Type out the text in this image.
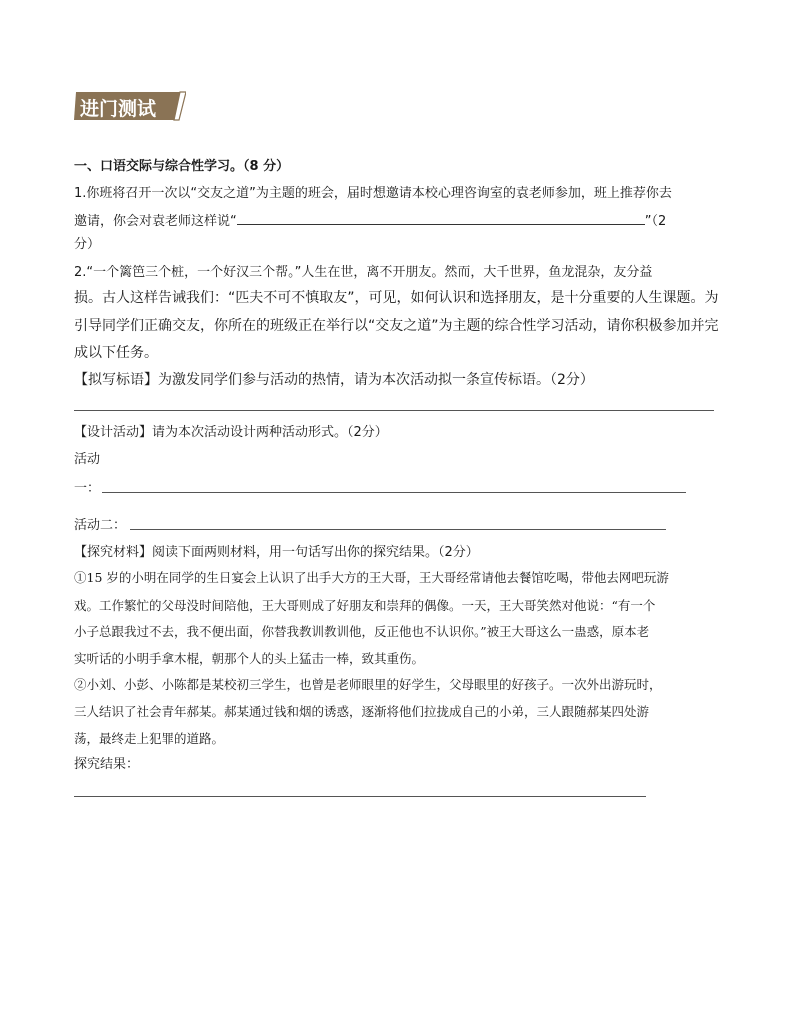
进门测试
一、口语交际与综合性学习。（8 分）
1.你班将召开一次以“交友之道”为主题的班会，届时想邀请本校心理咨询室的袁老师参加，班上推荐你去
邀请，你会对袁老师这样说“	”（2
分）
2.“一个篱笆三个桩，一个好汉三个帮。”人生在世，离不开朋友。然而，大千世界，鱼龙混杂，友分益
损。古人这样告诫我们：“匹夫不可不慎取友”，可见，如何认识和选择朋友，是十分重要的人生课题。为
引导同学们正确交友，你所在的班级正在举行以“交友之道”为主题的综合性学习活动，请你积极参加并完
成以下任务。
【拟写标语】为激发同学们参与活动的热情，请为本次活动拟一条宣传标语。（2分）
【设计活动】请为本次活动设计两种活动形式。（2分）
活动
一：
活动二：
【探究材料】阅读下面两则材料，用一句话写出你的探究结果。（2分）
①15 岁的小明在同学的生日宴会上认识了出手大方的王大哥，王大哥经常请他去餐馆吃喝，带他去网吧玩游
戏。工作繁忙的父母没时间陪他，王大哥则成了好朋友和崇拜的偶像。一天，王大哥笑然对他说：“有一个
小子总跟我过不去，我不便出面，你替我教训教训他，反正他也不认识你。”被王大哥这么一蛊惑，原本老
实听话的小明手拿木棍，朝那个人的头上猛击一棒，致其重伤。
②小刘、小彭、小陈都是某校初三学生，也曾是老师眼里的好学生，父母眼里的好孩子。一次外出游玩时，
三人结识了社会青年郝某。郝某通过钱和烟的诱惑，逐渐将他们拉拢成自己的小弟，三人跟随郝某四处游
荡，最终走上犯罪的道路。
探究结果：
